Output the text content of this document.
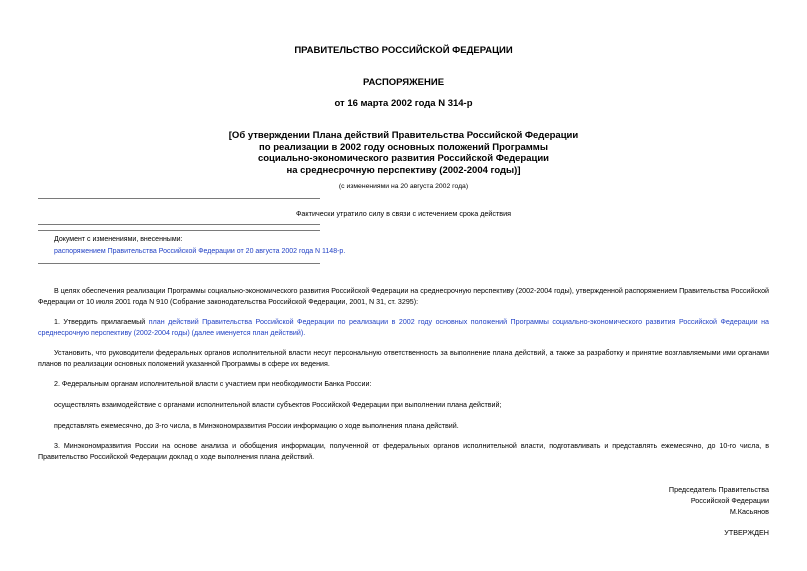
ПРАВИТЕЛЬСТВО РОССИЙСКОЙ ФЕДЕРАЦИИ
РАСПОРЯЖЕНИЕ
от 16 марта 2002 года N 314-р
[Об утверждении Плана действий Правительства Российской Федерации
по реализации в 2002 году основных положений Программы
социально-экономического развития Российской Федерации
на среднесрочную перспективу (2002-2004 годы)]
(с изменениями на 20 августа 2002 года)
Фактически утратило силу в связи с истечением срока действия
Документ с изменениями, внесенными:
распоряжением Правительства Российской Федерации от 20 августа 2002 года N 1148-р.
В целях обеспечения реализации Программы социально-экономического развития Российской Федерации на среднесрочную перспективу (2002-2004 годы), утвержденной распоряжением Правительства Российской Федерации от 10 июля 2001 года N 910 (Собрание законодательства Российской Федерации, 2001, N 31, ст. 3295):
1. Утвердить прилагаемый план действий Правительства Российской Федерации по реализации в 2002 году основных положений Программы социально-экономического развития Российской Федерации на среднесрочную перспективу (2002-2004 годы) (далее именуется план действий).
Установить, что руководители федеральных органов исполнительной власти несут персональную ответственность за выполнение плана действий, а также за разработку и принятие возглавляемыми ими органами планов по реализации основных положений указанной Программы в сфере их ведения.
2. Федеральным органам исполнительной власти с участием при необходимости Банка России:
осуществлять взаимодействие с органами исполнительной власти субъектов Российской Федерации при выполнении плана действий;
представлять ежемесячно, до 3-го числа, в Минэкономразвития России информацию о ходе выполнения плана действий.
3. Минэкономразвития России на основе анализа и обобщения информации, полученной от федеральных органов исполнительной власти, подготавливать и представлять ежемесячно, до 10-го числа, в Правительство Российской Федерации доклад о ходе выполнения плана действий.
Председатель Правительства
Российской Федерации
М.Касьянов
УТВЕРЖДЕН
